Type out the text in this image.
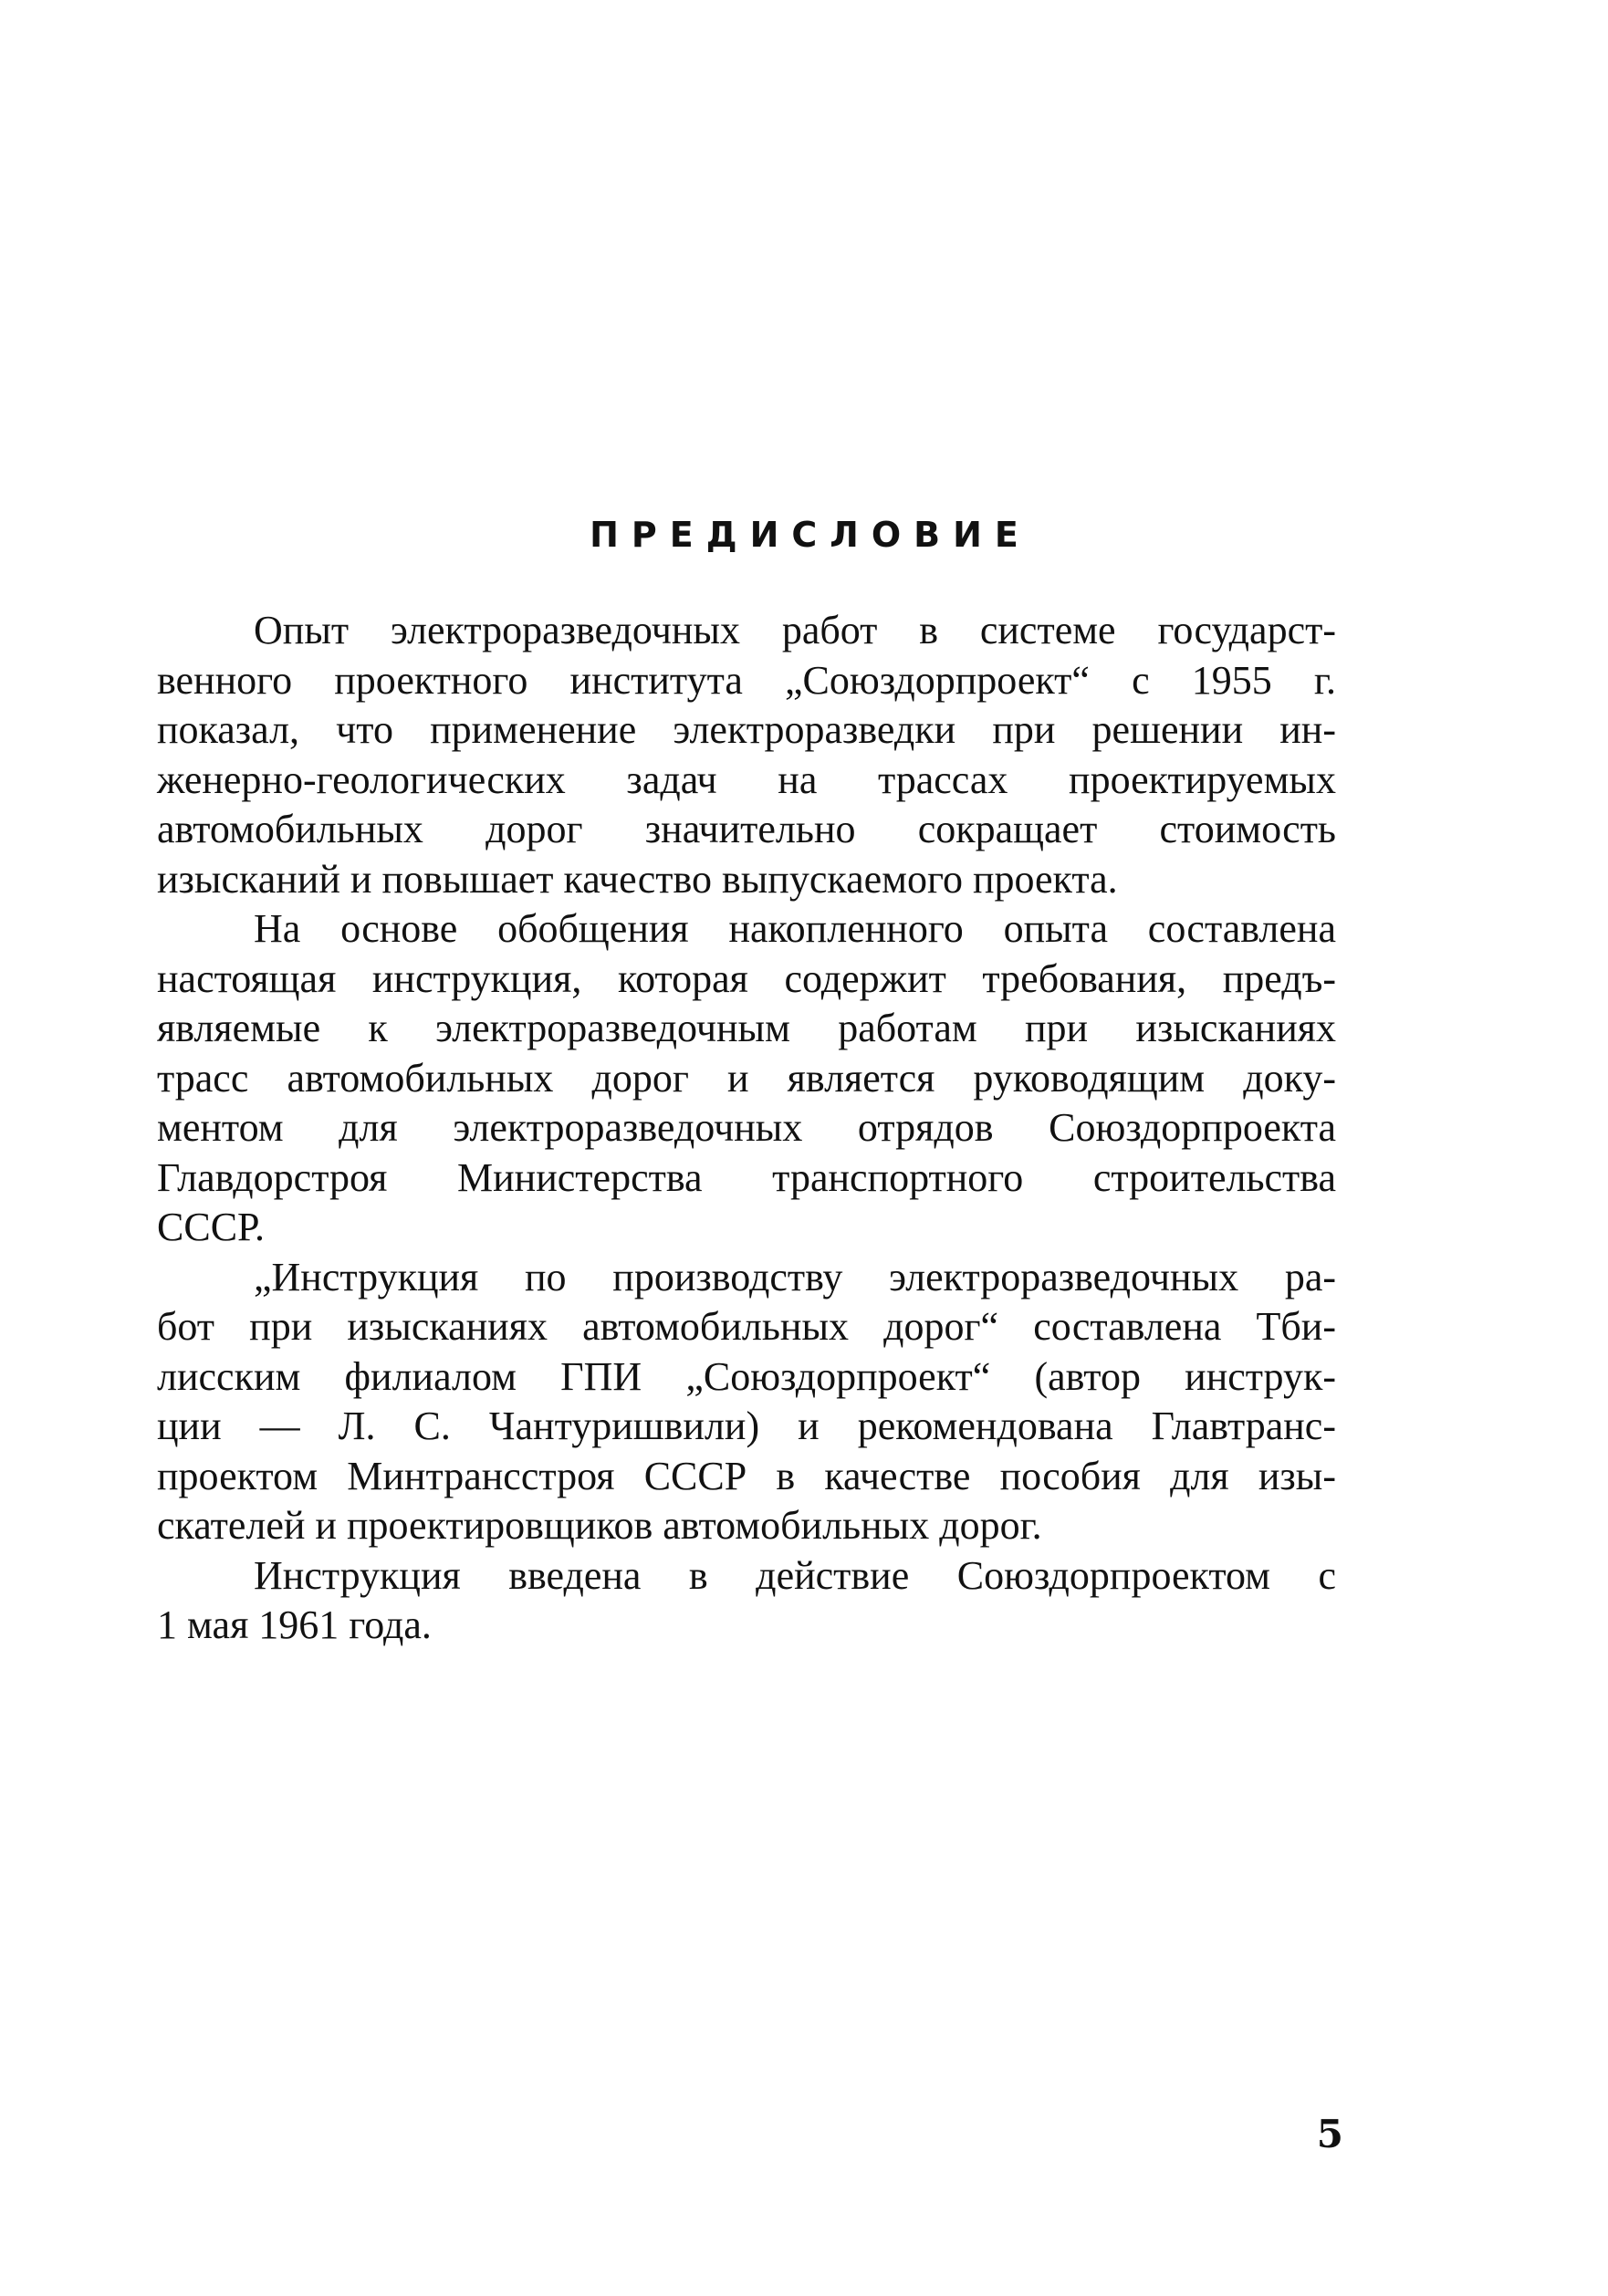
ПРЕДИСЛОВИЕ
Опыт электроразведочных работ в системе государст-
венного проектного института „Союздорпроект“ с 1955 г.
показал, что применение электроразведки при решении ин-
женерно-геологических задач на трассах проектируемых
автомобильных дорог значительно сокращает стоимость
изысканий и повышает качество выпускаемого проекта.
На основе обобщения накопленного опыта составлена
настоящая инструкция, которая содержит требования, предъ-
являемые к электроразведочным работам при изысканиях
трасс автомобильных дорог и является руководящим доку-
ментом для электроразведочных отрядов Союздорпроекта
Главдорстроя Министерства транспортного строительства
СССР.
„Инструкция по производству электроразведочных ра-
бот при изысканиях автомобильных дорог“ составлена Тби-
лисским филиалом ГПИ „Союздорпроект“ (автор инструк-
ции — Л. С. Чантуришвили) и рекомендована Главтранс-
проектом Минтрансстроя СССР в качестве пособия для изы-
скателей и проектировщиков автомобильных дорог.
Инструкция введена в действие Союздорпроектом с
1 мая 1961 года.
5
